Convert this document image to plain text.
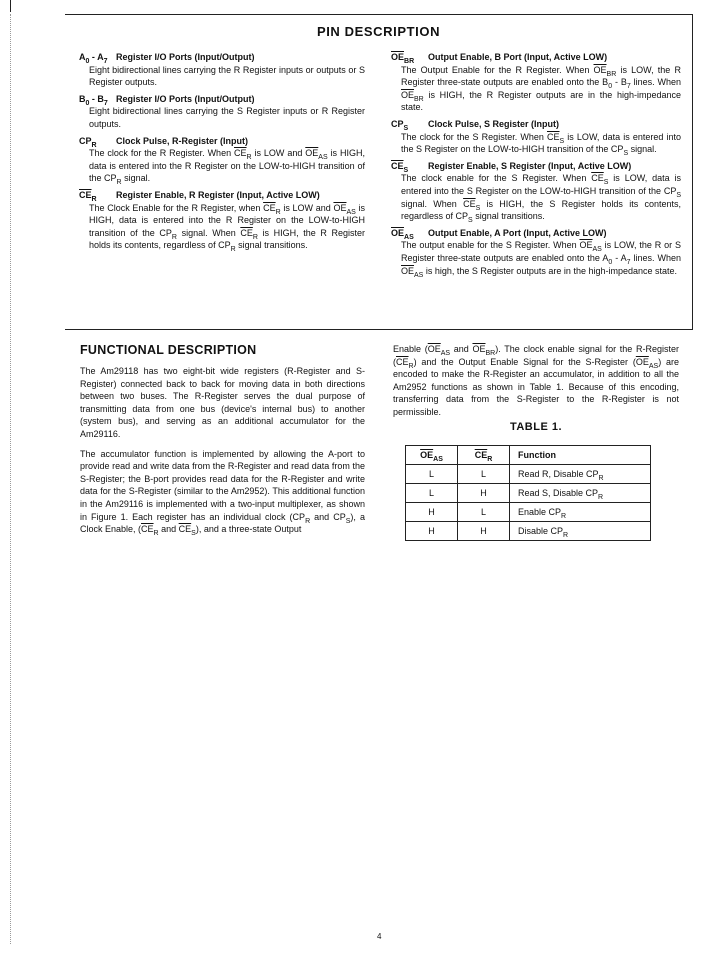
PIN DESCRIPTION
$A_0 - A_7$ Register I/O Ports (Input/Output)
Eight bidirectional lines carrying the R Register inputs or outputs or S Register outputs.
$B_0 - B_7$ Register I/O Ports (Input/Output)
Eight bidirectional lines carrying the S Register inputs or R Register outputs.
$CP_R$	Clock Pulse, R-Register (Input)
The clock for the R Register. When $\overline{CE}_R$ is LOW and $\overline{OE}_{AS}$ is HIGH, data is entered into the R Register on the LOW-to-HIGH transition of the $CP_R$ signal.
$\overline{CE}_R$	Register Enable, R Register (Input, Active LOW)
The Clock Enable for the R Register, when $\overline{CE}_R$ is LOW and $\overline{OE}_{AS}$ is HIGH, data is entered into the R Register on the LOW-to-HIGH transition of the $CP_R$ signal. When $\overline{CE}_R$ is HIGH, the R Register holds its contents, regardless of $CP_R$ signal transitions.
$\overline{OE}_{BR}$	Output Enable, B Port (Input, Active LOW)
The Output Enable for the R Register. When $\overline{OE}_{BR}$ is LOW, the R Register three-state outputs are enabled onto the $B_0 - B_7$ lines. When $\overline{OE}_{BR}$ is HIGH, the R Register outputs are in the high-impedance state.
$CP_S$	Clock Pulse, S Register (Input)
The clock for the S Register. When $\overline{CE}_S$ is LOW, data is entered into the S Register on the LOW-to-HIGH transition of the $CP_S$ signal.
$\overline{CE}_S$	Register Enable, S Register (Input, Active LOW)
The clock enable for the S Register. When $\overline{CE}_S$ is LOW, data is entered into the S Register on the LOW-to-HIGH transition of the $CP_S$ signal. When $\overline{CE}_S$ is HIGH, the S Register holds its contents, regardless of $CP_S$ signal transitions.
$\overline{OE}_{AS}$	Output Enable, A Port (Input, Active LOW)
The output enable for the S Register. When $\overline{OE}_{AS}$ is LOW, the R or S Register three-state outputs are enabled onto the $A_0 - A_7$ lines. When $\overline{OE}_{AS}$ is high, the S Register outputs are in the high-impedance state.
FUNCTIONAL DESCRIPTION

The Am29118 has two eight-bit wide registers (R-Register and S-Register) connected back to back for moving data in both directions between two buses. The R-Register serves the dual purpose of transmitting data from one bus (device's internal bus) to another (system bus), and serving as an additional accumulator for the Am29116.

The accumulator function is implemented by allowing the A-port to provide read and write data from the R-Register and read data from the S-Register; the B-port provides read data for the R-Register and write data for the S-Register (similar to the Am2952). This additional function in the Am29116 is implemented with a two-input multiplexer, as shown in Figure 1. Each register has an individual clock ($CP_R$ and $CP_S$), a Clock Enable, ($\overline{CE}_R$ and $\overline{CE}_S$), and a three-state Output

Enable ($\overline{OE}_{AS}$ and $\overline{OE}_{BR}$). The clock enable signal for the R-Register $(\overline{CE}_R)$ and the Output Enable Signal for the S-Register $(\overline{OE}_{AS})$ are encoded to make the R-Register an accumulator, in addition to all the Am2952 functions as shown in Table 1. Because of this encoding, transferring data from the S-Register to the R-Register is not permissible.

TABLE 1.
$\overline{OE}_{AS}$	$\overline{CE}_R$	Function
L	L	Read R, Disable $CP_R$
L	H	Read S, Disable $CP_R$
H	L	Enable $CP_R$
H	H	Disable $CP_R$
4
